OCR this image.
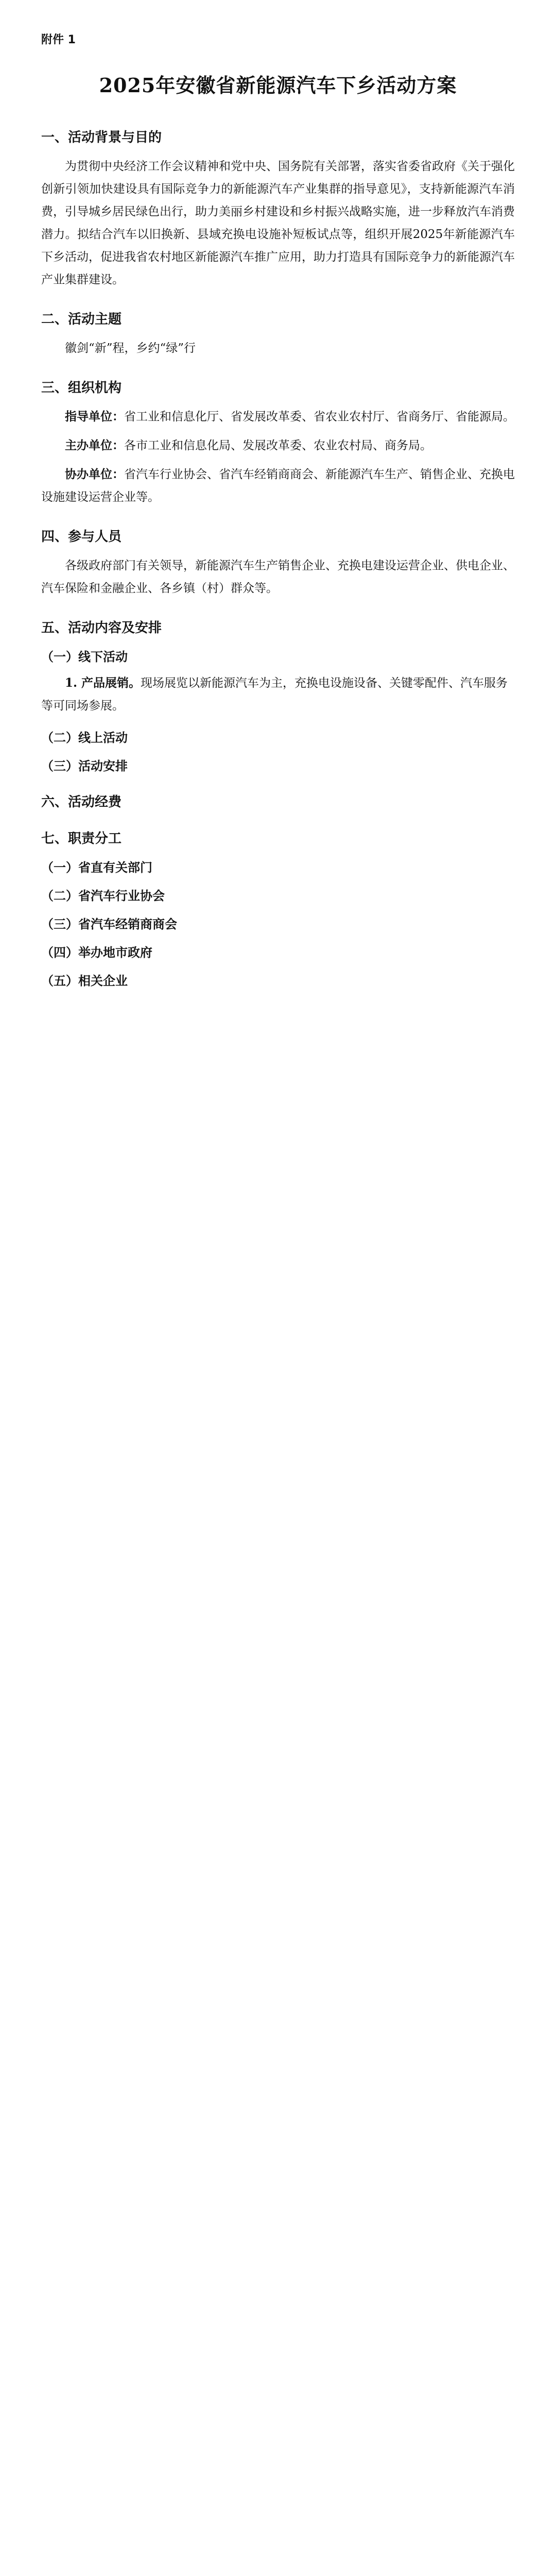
附件 1
2025年安徽省新能源汽车下乡活动方案
一、活动背景与目的

为贯彻中央经济工作会议精神和党中央、国务院有关部署，落实省委省政府《关于强化创新引领加快建设具有国际竞争力的新能源汽车产业集群的指导意见》，支持新能源汽车消费，引导城乡居民绿色出行，助力美丽乡村建设和乡村振兴战略实施，进一步释放汽车消费潜力。拟结合汽车以旧换新、县域充换电设施补短板试点等，组织开展2025年新能源汽车下乡活动，促进我省农村地区新能源汽车推广应用，助力打造具有国际竞争力的新能源汽车产业集群建设。

二、活动主题

徽剑“新”程，乡约“绿”行

三、组织机构

指导单位：省工业和信息化厅、省发展改革委、省农业农村厅、省商务厅、省能源局。

主办单位：各市工业和信息化局、发展改革委、农业农村局、商务局。

协办单位：省汽车行业协会、省汽车经销商商会、新能源汽车生产、销售企业、充换电设施建设运营企业等。

四、参与人员

各级政府部门有关领导，新能源汽车生产销售企业、充换电建设运营企业、供电企业、汽车保险和金融企业、各乡镇（村）群众等。

五、活动内容及安排
（一）线下活动

1. 产品展销。现场展览以新能源汽车为主，充换电设施设备、关键零配件、汽车服务等可同场参展。

（二）线上活动
（三）活动安排
六、活动经费
七、职责分工
（一）省直有关部门
（二）省汽车行业协会
（三）省汽车经销商商会
（四）举办地市政府
（五）相关企业
